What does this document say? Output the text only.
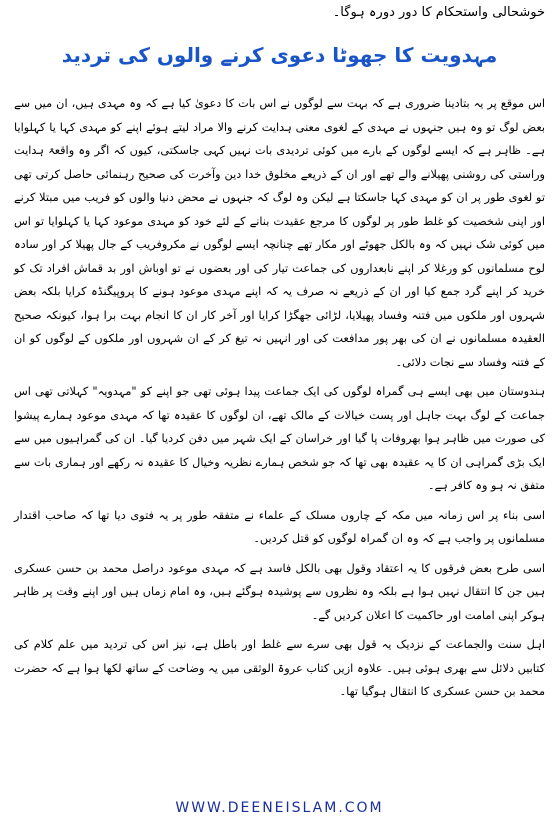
خوشحالی واستحکام کا دور دورہ ہوگا۔
مہدویت کا جھوٹا دعوی کرنے والوں کی تردید

اس موقع پر یہ بتادینا ضروری ہے کہ بہت سے لوگوں نے اس بات کا دعویٰ کیا ہے کہ وہ مہدی ہیں، ان میں سے بعض لوگ تو وہ ہیں جنہوں نے مہدی کے لغوی معنی ہدایت کرنے والا مراد لیتے ہوئے اپنے کو مہدی کہا یا کہلوایا ہے۔ ظاہر ہے کہ ایسے لوگوں کے بارے میں کوئی تردیدی بات نہیں کہی جاسکتی، کیوں کہ اگر وہ واقعۃ ہدایت وراستی کی روشنی پھیلانے والے تھے اور ان کے ذریعے مخلوق خدا دین وآخرت کی صحیح رہنمائی حاصل کرتی تھی تو لغوی طور پر ان کو مہدی کہا جاسکتا ہے لیکن وہ لوگ کہ جنہوں نے محض دنیا والوں کو فریب میں مبتلا کرنے اور اپنی شخصیت کو غلط طور پر لوگوں کا مرجع عقیدت بنانے کے لئے خود کو مہدی موعود کہا یا کہلوایا تو اس میں کوئی شک نہیں کہ وہ بالکل جھوٹے اور مکار تھے چنانچہ ایسے لوگوں نے مکروفریب کے جال پھیلا کر اور سادہ لوح مسلمانوں کو ورغلا کر اپنے نابعداروں کی جماعت تیار کی اور بعضوں نے تو اوباش اور بد قماش افراد تک کو خرید کر اپنے گرد جمع کیا اور ان کے ذریعے نہ صرف یہ کہ اپنے مہدی موعود ہونے کا پروپیگنڈہ کرایا بلکہ بعض شہروں اور ملکوں میں فتنہ وفساد پھیلایا، لڑائی جھگڑا کرایا اور آخر کار ان کا انجام بہت برا ہوا، کیونکہ صحیح العقیدہ مسلمانوں نے ان کی بھر پور مدافعت کی اور انہیں نہ تیغ کر کے ان شہروں اور ملکوں کے لوگوں کو ان کے فتنہ وفساد سے نجات دلائی۔

ہندوستان میں بھی ایسے ہی گمراہ لوگوں کی ایک جماعت پیدا ہوئی تھی جو اپنے کو "مہدویہ" کہلاتی تھی اس جماعت کے لوگ بہت جاہل اور پست خیالات کے مالک تھے، ان لوگوں کا عقیدہ تھا کہ مہدی موعود ہمارے پیشوا کی صورت میں ظاہر ہوا بھروفات پا گیا اور خراسان کے ایک شہر میں دفن کردیا گیا۔ ان کی گمراہیوں میں سے ایک بڑی گمراہی ان کا یہ عقیدہ بھی تھا کہ جو شخص ہمارے نظریہ وخیال کا عقیدہ نہ رکھے اور ہماری بات سے متفق نہ ہو وہ کافر ہے۔

اسی بناء پر اس زمانہ میں مکہ کے چاروں مسلک کے علماء نے متفقہ طور پر یہ فتوی دیا تھا کہ صاحب اقتدار مسلمانوں پر واجب ہے کہ وہ ان گمراہ لوگوں کو قتل کردیں۔

اسی طرح بعض فرقوں کا یہ اعتقاد وقول بھی بالکل فاسد ہے کہ مہدی موعود دراصل محمد بن حسن عسکری ہیں جن کا انتقال نہیں ہوا ہے بلکہ وہ نظروں سے پوشیدہ ہوگئے ہیں، وہ امام زماں ہیں اور اپنے وقت پر ظاہر ہوکر اپنی امامت اور حاکمیت کا اعلان کردیں گے۔

اہل سنت والجماعت کے نزدیک یہ قول بھی سرے سے غلط اور باطل ہے، نیز اس کی تردید میں علم کلام کی کتابیں دلائل سے بھری ہوئی ہیں۔ علاوہ ازیں کتاب عروۃ الوثقی میں یہ وضاحت کے ساتھ لکھا ہوا ہے کہ حضرت محمد بن حسن عسکری کا انتقال ہوگیا تھا۔

WWW.DEENEISLAM.COM
